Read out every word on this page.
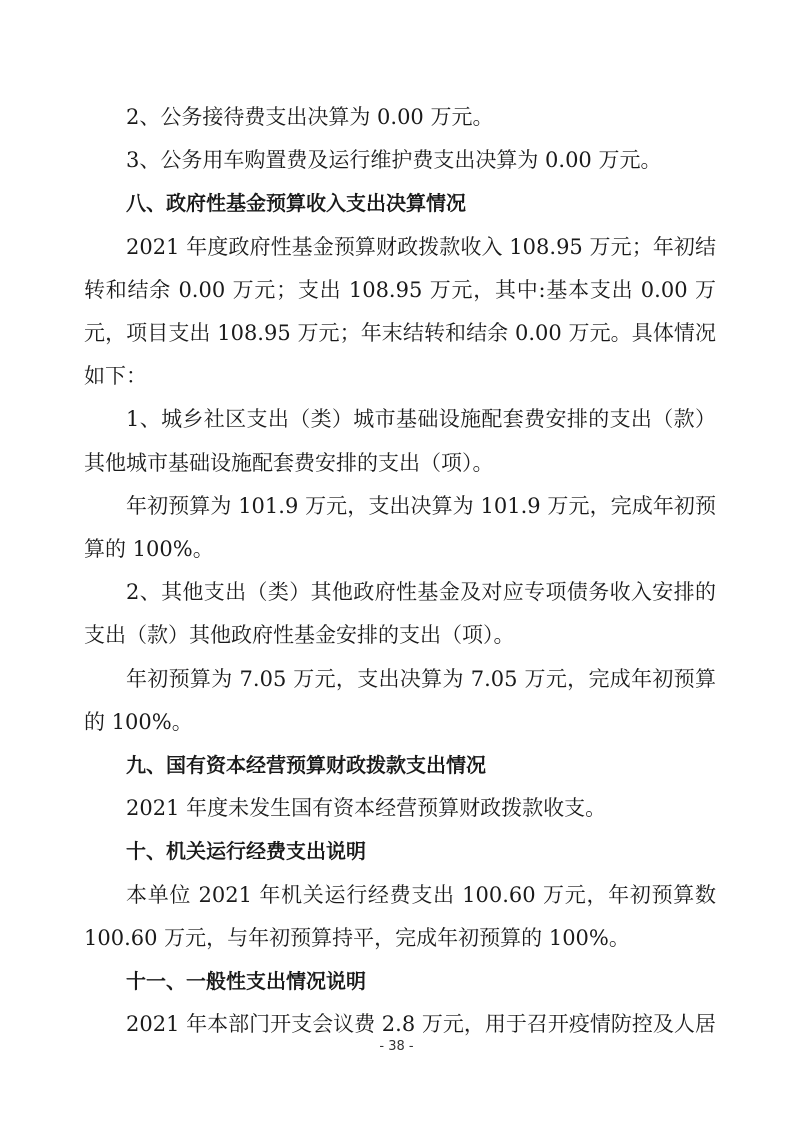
2、公务接待费支出决算为 0.00 万元。

3、公务用车购置费及运行维护费支出决算为 0.00 万元。

八、政府性基金预算收入支出决算情况

2021 年度政府性基金预算财政拨款收入 108.95 万元；年初结转和结余 0.00 万元；支出 108.95 万元，其中:基本支出 0.00 万元，项目支出 108.95 万元；年末结转和结余 0.00 万元。具体情况如下：

1、城乡社区支出（类）城市基础设施配套费安排的支出（款）其他城市基础设施配套费安排的支出（项）。

年初预算为 101.9 万元，支出决算为 101.9 万元，完成年初预算的 100%。

2、其他支出（类）其他政府性基金及对应专项债务收入安排的支出（款）其他政府性基金安排的支出（项）。

年初预算为 7.05 万元，支出决算为 7.05 万元，完成年初预算的 100%。

九、国有资本经营预算财政拨款支出情况

2021 年度未发生国有资本经营预算财政拨款收支。

十、机关运行经费支出说明

本单位 2021 年机关运行经费支出 100.60 万元，年初预算数 100.60 万元，与年初预算持平，完成年初预算的 100%。

十一、一般性支出情况说明

2021 年本部门开支会议费 2.8 万元，用于召开疫情防控及人居

- 38 -
